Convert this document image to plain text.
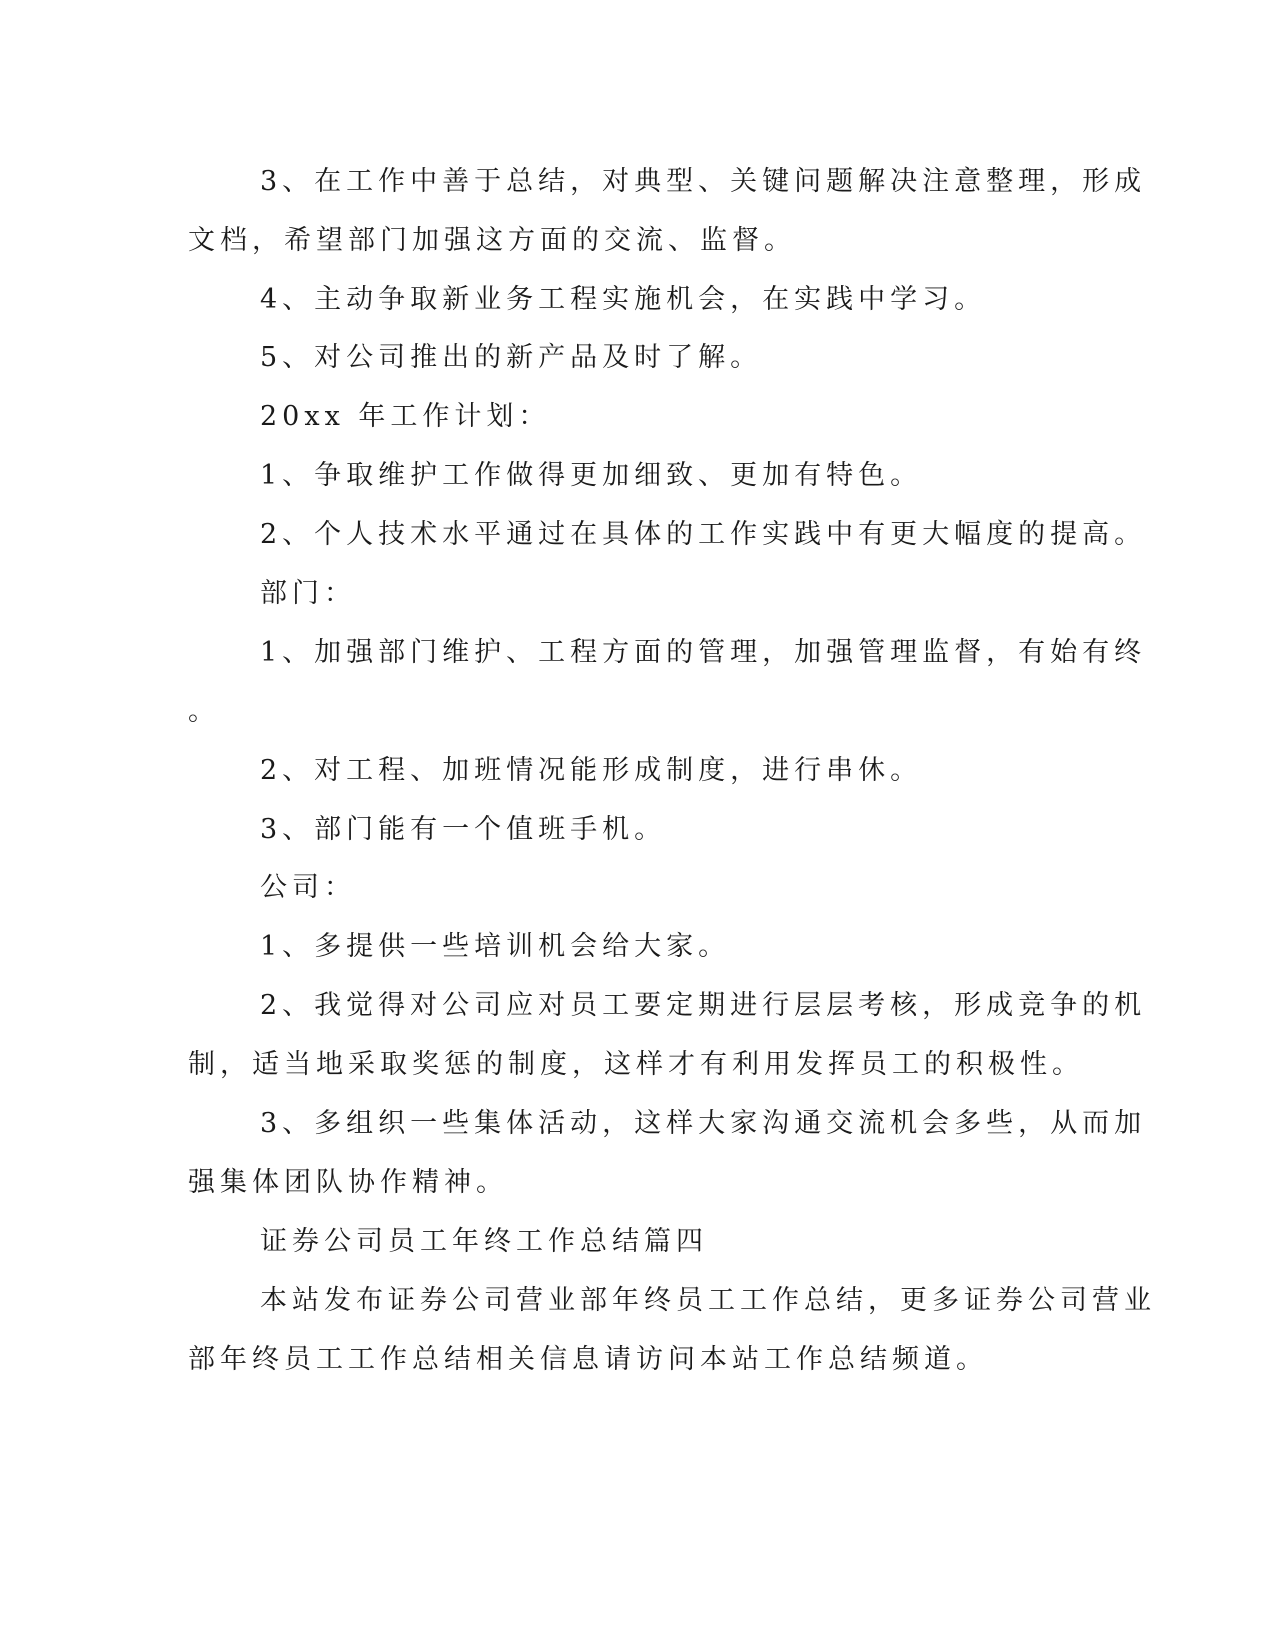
3、在工作中善于总结，对典型、关键问题解决注意整理，形成
文档，希望部门加强这方面的交流、监督。
4、主动争取新业务工程实施机会，在实践中学习。
5、对公司推出的新产品及时了解。
20xx 年工作计划：
1、争取维护工作做得更加细致、更加有特色。
2、个人技术水平通过在具体的工作实践中有更大幅度的提高。
部门：
1、加强部门维护、工程方面的管理，加强管理监督，有始有终
。
2、对工程、加班情况能形成制度，进行串休。
3、部门能有一个值班手机。
公司：
1、多提供一些培训机会给大家。
2、我觉得对公司应对员工要定期进行层层考核，形成竞争的机
制，适当地采取奖惩的制度，这样才有利用发挥员工的积极性。
3、多组织一些集体活动，这样大家沟通交流机会多些，从而加
强集体团队协作精神。
证券公司员工年终工作总结篇四
本站发布证券公司营业部年终员工工作总结，更多证券公司营业
部年终员工工作总结相关信息请访问本站工作总结频道。
